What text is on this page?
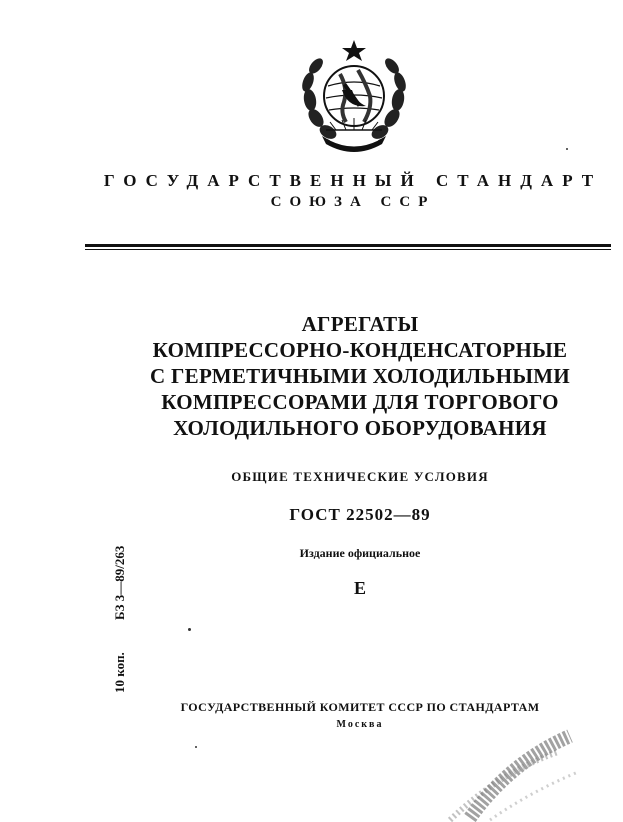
ГОСУДАРСТВЕННЫЙ СТАНДАРТ
СОЮЗА ССР
АГРЕГАТЫ
КОМПРЕССОРНО-КОНДЕНСАТОРНЫЕ
С ГЕРМЕТИЧНЫМИ ХОЛОДИЛЬНЫМИ
КОМПРЕССОРАМИ ДЛЯ ТОРГОВОГО
ХОЛОДИЛЬНОГО ОБОРУДОВАНИЯ
ОБЩИЕ ТЕХНИЧЕСКИЕ УСЛОВИЯ
ГОСТ 22502—89
Издание официальное
Е
БЗ 3—89/263
10 коп.
ГОСУДАРСТВЕННЫЙ КОМИТЕТ СССР ПО СТАНДАРТАМ
Москва
